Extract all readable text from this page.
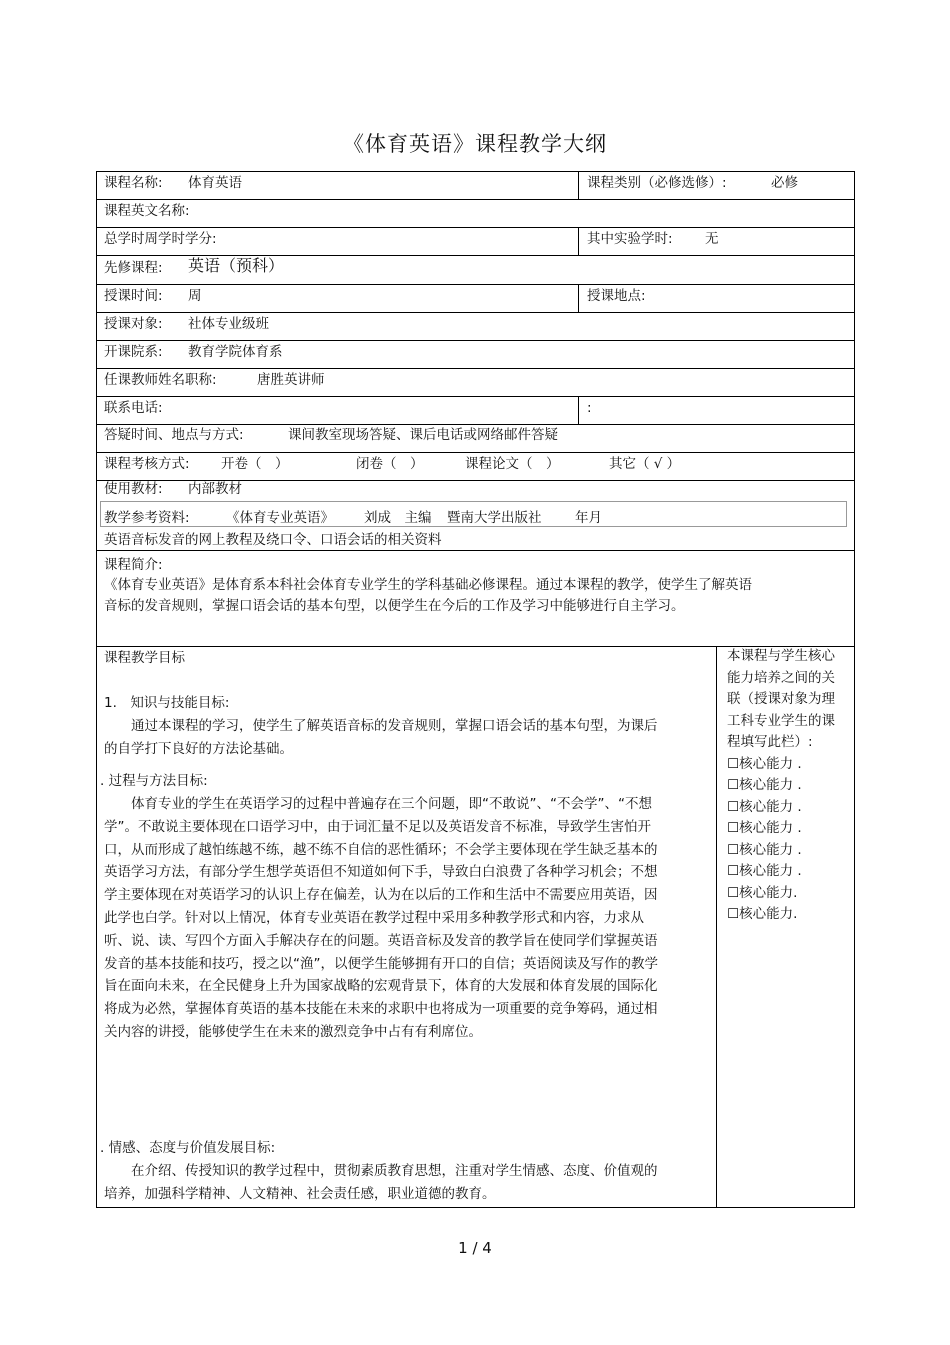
《体育英语》课程教学大纲
课程名称: 体育英语	课程类别（必修选修）:	必修
课程英文名称:
总学时周学时学分:	其中实验学时: 无
先修课程: 英语（预科）
授课时间: 周	授课地点:
授课对象: 社体专业级班
开课院系: 教育学院体育系
任课教师姓名职称:	唐胜英讲师
联系电话:	:
答疑时间、地点与方式:	课间教室现场答疑、课后电话或网络邮件答疑
课程考核方式: 开卷（　）	闭卷（　）	课程论文（　）	其它（ √ ）
使用教材: 内部教材
教学参考资料:	《体育专业英语》 刘成　主编 暨南大学出版社 年月
英语音标发音的网上教程及绕口令、口语会话的相关资料
课程简介:
《体育专业英语》是体育系本科社会体育专业学生的学科基础必修课程。通过本课程的教学，使学生了解英语音标的发音规则，掌握口语会话的基本句型，以便学生在今后的工作及学习中能够进行自主学习。
课程教学目标
1.　知识与技能目标:
通过本课程的学习，使学生了解英语音标的发音规则，掌握口语会话的基本句型，为课后的自学打下良好的方法论基础。
. 过程与方法目标:
体育专业的学生在英语学习的过程中普遍存在三个问题，即“不敢说”、“不会学”、“不想学”。不敢说主要体现在口语学习中，由于词汇量不足以及英语发音不标准，导致学生害怕开口，从而形成了越怕练越不练，越不练不自信的恶性循环；不会学主要体现在学生缺乏基本的英语学习方法，有部分学生想学英语但不知道如何下手，导致白白浪费了各种学习机会；不想学主要体现在对英语学习的认识上存在偏差，认为在以后的工作和生活中不需要应用英语，因此学也白学。针对以上情况，体育专业英语在教学过程中采用多种教学形式和内容，力求从听、说、读、写四个方面入手解决存在的问题。英语音标及发音的教学旨在使同学们掌握英语发音的基本技能和技巧，授之以“渔”，以便学生能够拥有开口的自信；英语阅读及写作的教学旨在面向未来，在全民健身上升为国家战略的宏观背景下，体育的大发展和体育发展的国际化将成为必然，掌握体育英语的基本技能在未来的求职中也将成为一项重要的竞争筹码，通过相关内容的讲授，能够使学生在未来的激烈竞争中占有有利席位。
. 情感、态度与价值发展目标:
在介绍、传授知识的教学过程中，贯彻素质教育思想，注重对学生情感、态度、价值观的培养，加强科学精神、人文精神、社会责任感，职业道德的教育。
本课程与学生核心能力培养之间的关联（授课对象为理工科专业学生的课程填写此栏）:
☐核心能力 .
☐核心能力 .
☐核心能力 .
☐核心能力 .
☐核心能力 .
☐核心能力 .
☐核心能力.
☐核心能力.
1 / 4
